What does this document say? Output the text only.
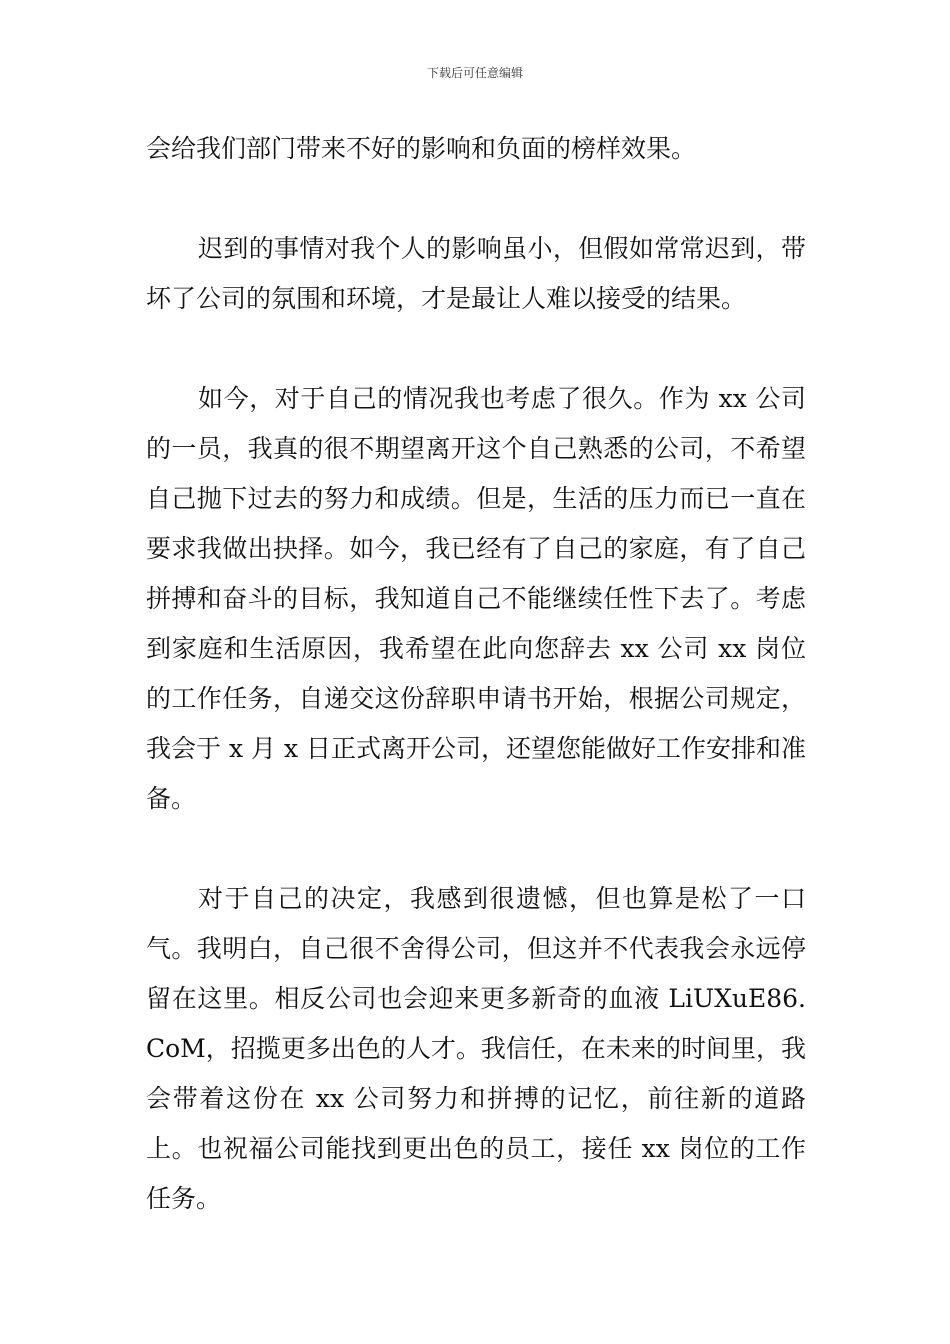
下载后可任意编辑

会给我们部门带来不好的影响和负面的榜样效果。

迟到的事情对我个人的影响虽小，但假如常常迟到，带坏了公司的氛围和环境，才是最让人难以接受的结果。

如今，对于自己的情况我也考虑了很久。作为 xx 公司的一员，我真的很不期望离开这个自己熟悉的公司，不希望自己抛下过去的努力和成绩。但是，生活的压力而已一直在要求我做出抉择。如今，我已经有了自己的家庭，有了自己拼搏和奋斗的目标，我知道自己不能继续任性下去了。考虑到家庭和生活原因，我希望在此向您辞去 xx 公司 xx 岗位的工作任务，自递交这份辞职申请书开始，根据公司规定，我会于 x 月 x 日正式离开公司，还望您能做好工作安排和准备。

对于自己的决定，我感到很遗憾，但也算是松了一口气。我明白，自己很不舍得公司，但这并不代表我会永远停留在这里。相反公司也会迎来更多新奇的血液 LiUXuE86.CoM，招揽更多出色的人才。我信任，在未来的时间里，我会带着这份在 xx 公司努力和拼搏的记忆，前往新的道路上。也祝福公司能找到更出色的员工，接任 xx 岗位的工作任务。
